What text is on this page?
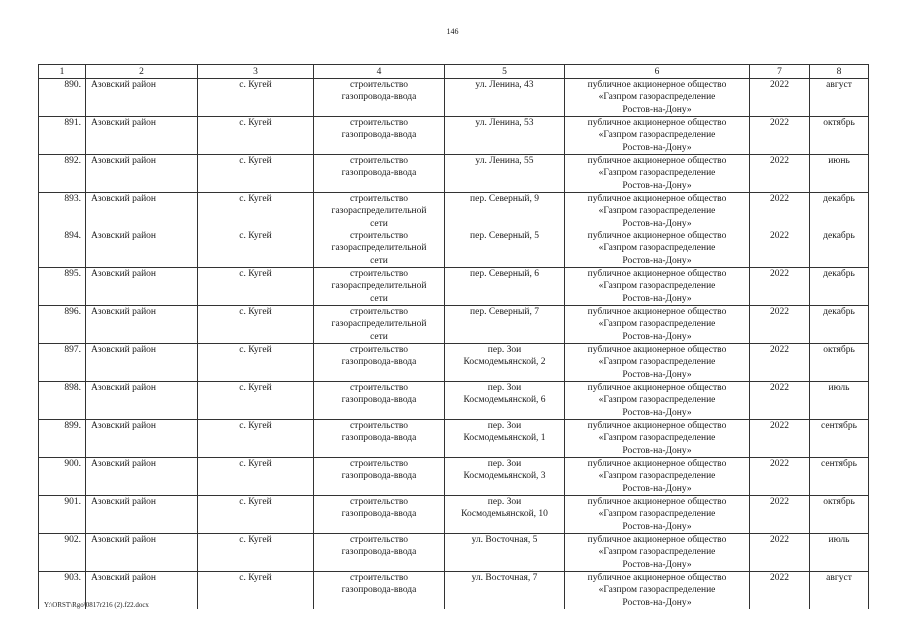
146
1	2	3	4	5	6	7	8
890.	Азовский район	с. Кугей	строительство
газопровода-ввода	ул. Ленина, 43	публичное акционерное общество
«Газпром газораспределение
Ростов-на-Дону»	2022	август
891.	Азовский район	с. Кугей	строительство
газопровода-ввода	ул. Ленина, 53	публичное акционерное общество
«Газпром газораспределение
Ростов-на-Дону»	2022	октябрь
892.	Азовский район	с. Кугей	строительство
газопровода-ввода	ул. Ленина, 55	публичное акционерное общество
«Газпром газораспределение
Ростов-на-Дону»	2022	июнь
893.	Азовский район	с. Кугей	строительство
газораспределительной
сети	пер. Северный, 9	публичное акционерное общество
«Газпром газораспределение
Ростов-на-Дону»	2022	декабрь
894.	Азовский район	с. Кугей	строительство
газораспределительной
сети	пер. Северный, 5	публичное акционерное общество
«Газпром газораспределение
Ростов-на-Дону»	2022	декабрь
895.	Азовский район	с. Кугей	строительство
газораспределительной
сети	пер. Северный, 6	публичное акционерное общество
«Газпром газораспределение
Ростов-на-Дону»	2022	декабрь
896.	Азовский район	с. Кугей	строительство
газораспределительной
сети	пер. Северный, 7	публичное акционерное общество
«Газпром газораспределение
Ростов-на-Дону»	2022	декабрь
897.	Азовский район	с. Кугей	строительство
газопровода-ввода	пер. Зои
Космодемьянской, 2	публичное акционерное общество
«Газпром газораспределение
Ростов-на-Дону»	2022	октябрь
898.	Азовский район	с. Кугей	строительство
газопровода-ввода	пер. Зои
Космодемьянской, 6	публичное акционерное общество
«Газпром газораспределение
Ростов-на-Дону»	2022	июль
899.	Азовский район	с. Кугей	строительство
газопровода-ввода	пер. Зои
Космодемьянской, 1	публичное акционерное общество
«Газпром газораспределение
Ростов-на-Дону»	2022	сентябрь
900.	Азовский район	с. Кугей	строительство
газопровода-ввода	пер. Зои
Космодемьянской, 3	публичное акционерное общество
«Газпром газораспределение
Ростов-на-Дону»	2022	сентябрь
901.	Азовский район	с. Кугей	строительство
газопровода-ввода	пер. Зои
Космодемьянской, 10	публичное акционерное общество
«Газпром газораспределение
Ростов-на-Дону»	2022	октябрь
902.	Азовский район	с. Кугей	строительство
газопровода-ввода	ул. Восточная, 5	публичное акционерное общество
«Газпром газораспределение
Ростов-на-Дону»	2022	июль
903.	Азовский район	с. Кугей	строительство
газопровода-ввода	ул. Восточная, 7	публичное акционерное общество
«Газпром газораспределение
Ростов-на-Дону»	2022	август
Y:\ORST\Rgo\0817r216 (2).f22.docx
